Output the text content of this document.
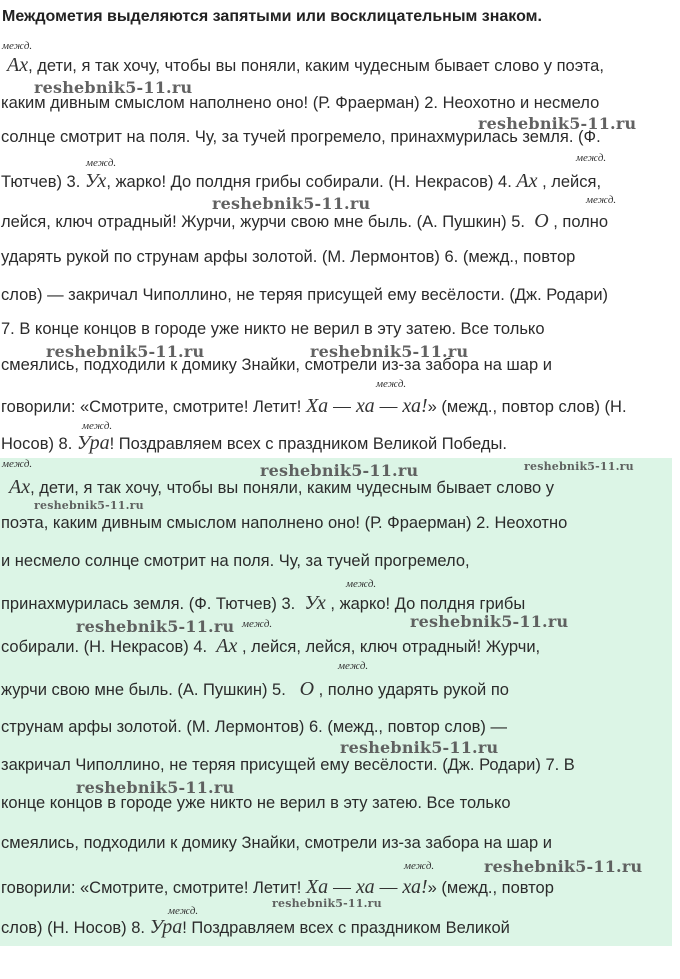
Междометия выделяются запятыми или восклицательным знаком.
межд.
Ах, дети, я так хочу, чтобы вы поняли, каким чудесным бывает слово у поэта,
каким дивным смыслом наполнено оно! (Р. Фраерман) 2. Неохотно и несмело
солнце смотрит на поля. Чу, за тучей прогремело, принахмурилась земля. (Ф.
межд.	межд.
Тютчев) 3. Ух, жарко! До полдня грибы собирали. (Н. Некрасов) 4. Ах , лейся,
межд.
лейся, ключ отрадный! Журчи, журчи свою мне быль. (А. Пушкин) 5. О , полно
ударять рукой по струнам арфы золотой. (М. Лермонтов) 6. (межд., повтор
слов) — закричал Чиполлино, не теряя присущей ему весёлости. (Дж. Родари)
7. В конце концов в городе уже никто не верил в эту затею. Все только
смеялись, подходили к домику Знайки, смотрели из-за забора на шар и
межд.
говорили: «Смотрите, смотрите! Летит! Ха — ха — ха!» (межд., повтор слов) (Н.
межд.
Носов) 8. Ура! Поздравляем всех с праздником Великой Победы.
межд.
Ах, дети, я так хочу, чтобы вы поняли, каким чудесным бывает слово у
поэта, каким дивным смыслом наполнено оно! (Р. Фраерман) 2. Неохотно
и несмело солнце смотрит на поля. Чу, за тучей прогремело,
межд.
принахмурилась земля. (Ф. Тютчев) 3. Ух , жарко! До полдня грибы
межд.
собирали. (Н. Некрасов) 4. Ах , лейся, лейся, ключ отрадный! Журчи,
межд.
журчи свою мне быль. (А. Пушкин) 5. О , полно ударять рукой по
струнам арфы золотой. (М. Лермонтов) 6. (межд., повтор слов) —
закричал Чиполлино, не теряя присущей ему весёлости. (Дж. Родари) 7. В
конце концов в городе уже никто не верил в эту затею. Все только
смеялись, подходили к домику Знайки, смотрели из-за забора на шар и
межд.
говорили: «Смотрите, смотрите! Летит! Ха — ха — ха!» (межд., повтор
межд.
слов) (Н. Носов) 8. Ура! Поздравляем всех с праздником Великой
reshebnik5-11.ru
reshebnik5-11.ru
reshebnik5-11.ru
reshebnik5-11.ru	reshebnik5-11.ru
reshebnik5-11.ru	reshebnik5-11.ru
reshebnik5-11.ru
reshebnik5-11.ru	reshebnik5-11.ru
reshebnik5-11.ru
reshebnik5-11.ru
reshebnik5-11.ru
reshebnik5-11.ru
